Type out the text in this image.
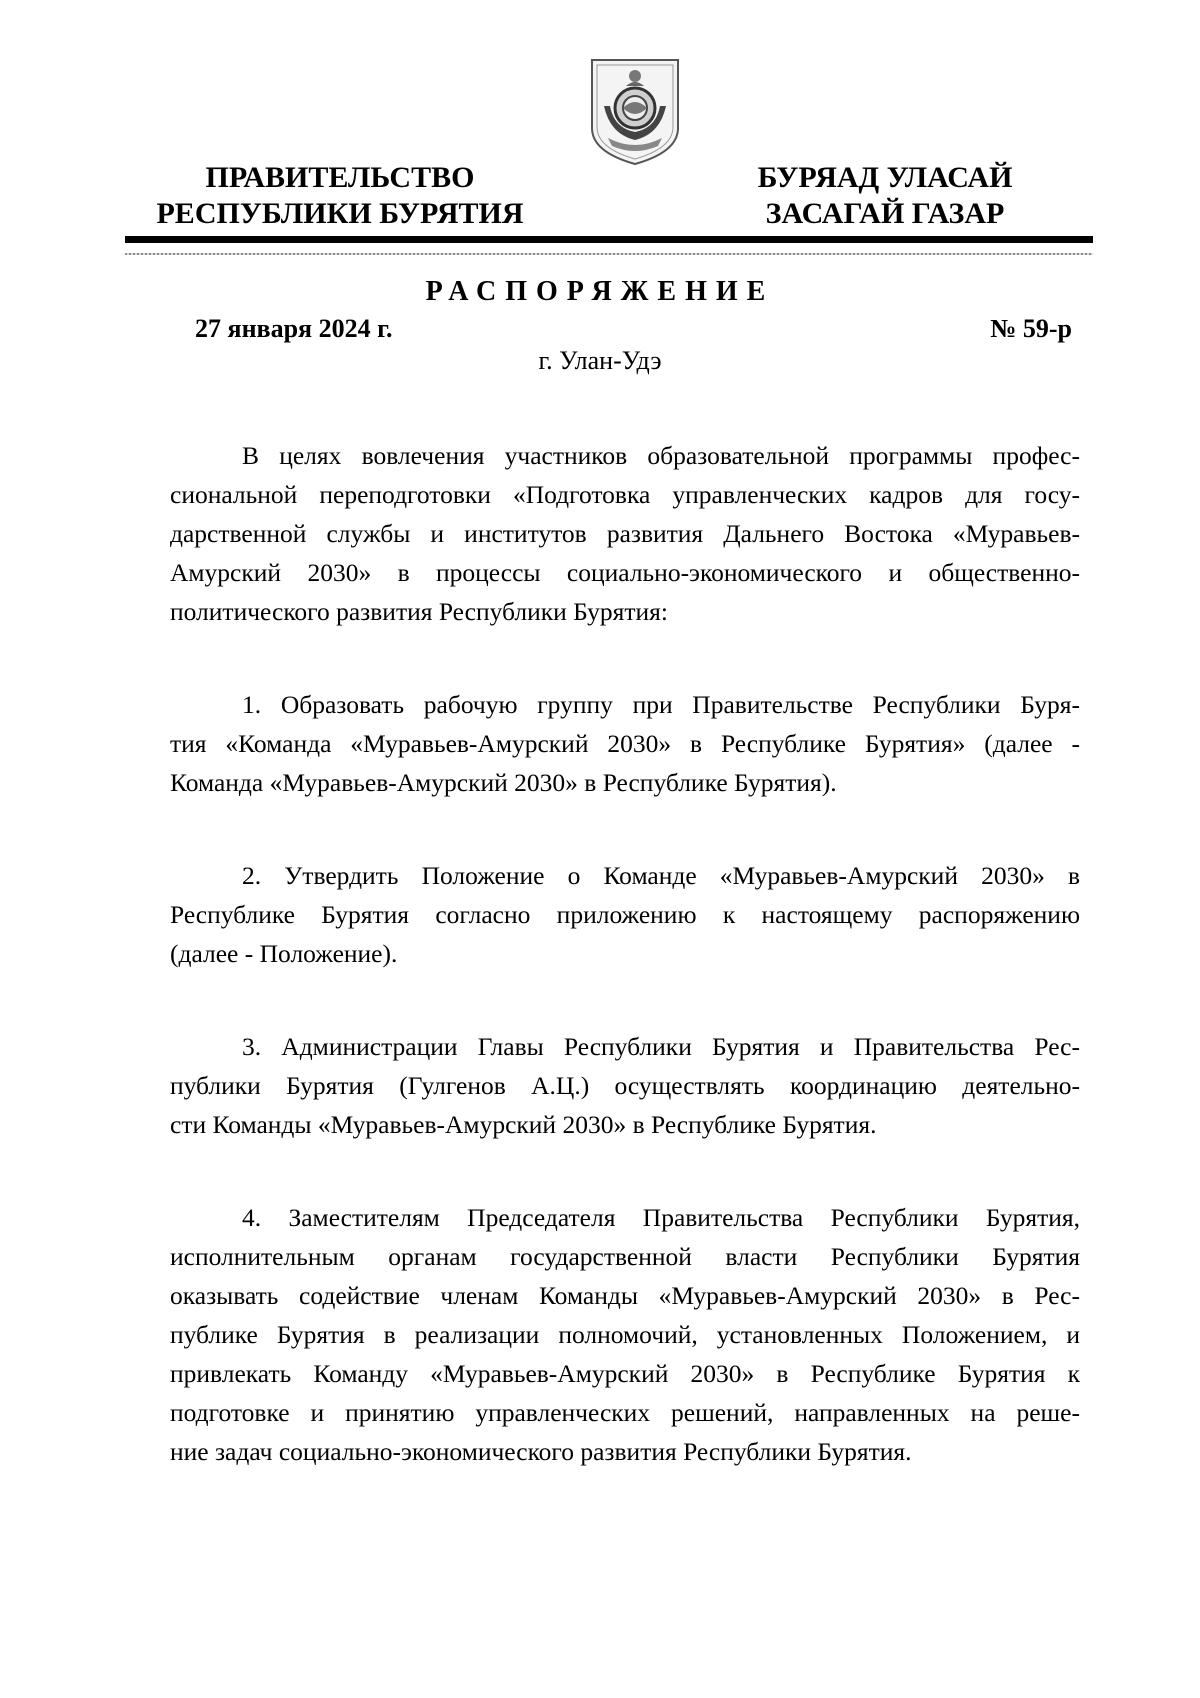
ПРАВИТЕЛЬСТВО
РЕСПУБЛИКИ БУРЯТИЯ
БУРЯАД УЛАСАЙ
ЗАСАГАЙ ГАЗАР
РАСПОРЯЖЕНИЕ
27 января 2024 г.	№ 59-р
г. Улан-Удэ
В целях вовлечения участников образовательной программы профес-
сиональной переподготовки «Подготовка управленческих кадров для госу-
дарственной службы и институтов развития Дальнего Востока «Муравьев-
Амурский 2030» в процессы социально-экономического и общественно-
политического развития Республики Бурятия:
1. Образовать рабочую группу при Правительстве Республики Буря-
тия «Команда «Муравьев-Амурский 2030» в Республике Бурятия» (далее -
Команда «Муравьев-Амурский 2030» в Республике Бурятия).
2. Утвердить Положение о Команде «Муравьев-Амурский 2030» в
Республике Бурятия согласно приложению к настоящему распоряжению
(далее - Положение).
3. Администрации Главы Республики Бурятия и Правительства Рес-
публики Бурятия (Гулгенов А.Ц.) осуществлять координацию деятельно-
сти Команды «Муравьев-Амурский 2030» в Республике Бурятия.
4. Заместителям Председателя Правительства Республики Бурятия,
исполнительным органам государственной власти Республики Бурятия
оказывать содействие членам Команды «Муравьев-Амурский 2030» в Рес-
публике Бурятия в реализации полномочий, установленных Положением, и
привлекать Команду «Муравьев-Амурский 2030» в Республике Бурятия к
подготовке и принятию управленческих решений, направленных на реше-
ние задач социально-экономического развития Республики Бурятия.
